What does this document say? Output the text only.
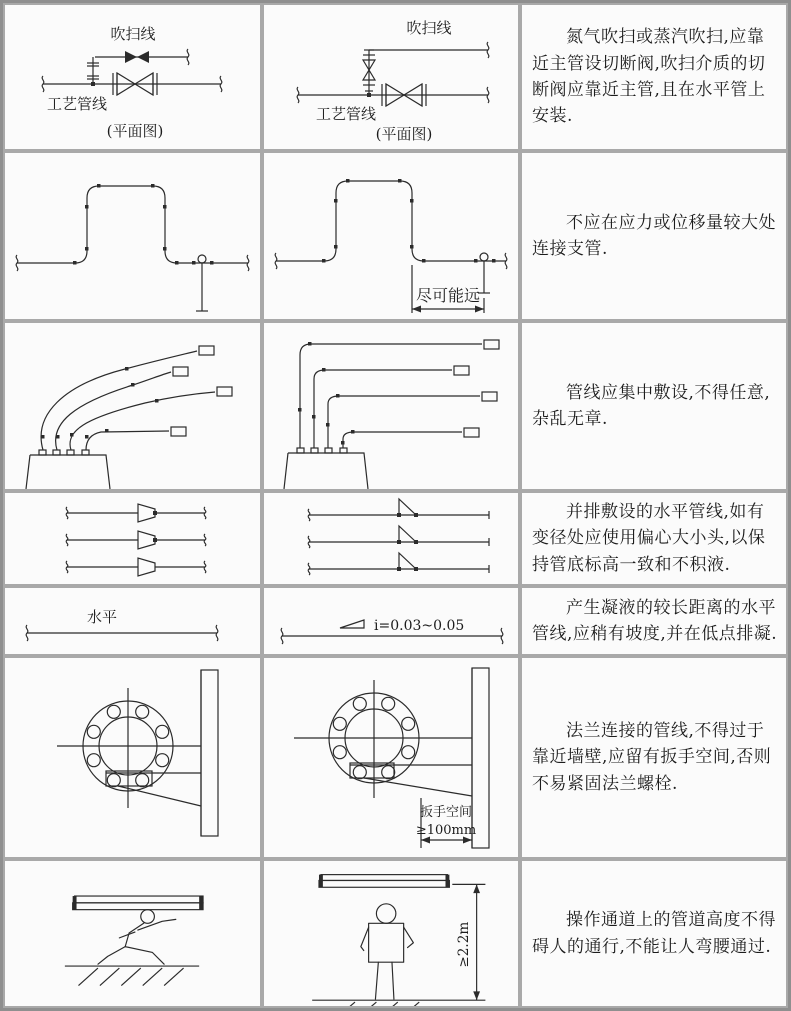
吹扫线
工艺管线
(平面图)
吹扫线
工艺管线
(平面图)

氮气吹扫或蒸汽吹扫,应靠近主管设切断阀,吹扫介质的切断阀应靠近主管,且在水平管上安装.

尽可能远

不应在应力或位移量较大处连接支管.

管线应集中敷设,不得任意,杂乱无章.

并排敷设的水平管线,如有变径处应使用偏心大小头,以保持管底标高一致和不积液.

水平	i=0.03~0.05

产生凝液的较长距离的水平管线,应稍有坡度,并在低点排凝.

扳手空间
≥100mm

法兰连接的管线,不得过于靠近墙壁,应留有扳手空间,否则不易紧固法兰螺栓.

≥2.2m

操作通道上的管道高度不得碍人的通行,不能让人弯腰通过.
